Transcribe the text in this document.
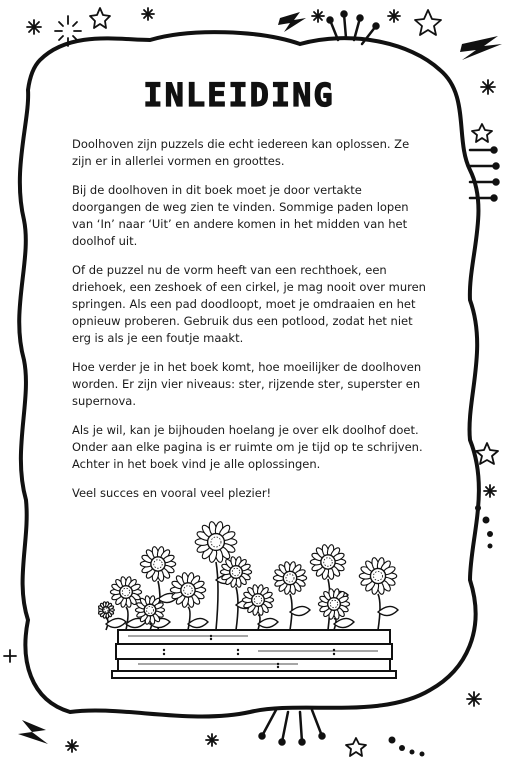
INLEIDING

Doolhoven zijn puzzels die echt iedereen kan oplossen. Ze zijn er in allerlei vormen en groottes.

Bij de doolhoven in dit boek moet je door vertakte doorgangen de weg zien te vinden. Sommige paden lopen van ‘In’ naar ‘Uit’ en andere komen in het midden van het doolhof uit.

Of de puzzel nu de vorm heeft van een rechthoek, een driehoek, een zeshoek of een cirkel, je mag nooit over muren springen. Als een pad doodloopt, moet je omdraaien en het opnieuw proberen. Gebruik dus een potlood, zodat het niet erg is als je een foutje maakt.

Hoe verder je in het boek komt, hoe moeilijker de doolhoven worden. Er zijn vier niveaus: ster, rijzende ster, superster en supernova.

Als je wil, kan je bijhouden hoelang je over elk doolhof doet. Onder aan elke pagina is er ruimte om je tijd op te schrijven. Achter in het boek vind je alle oplossingen.

Veel succes en vooral veel plezier!
